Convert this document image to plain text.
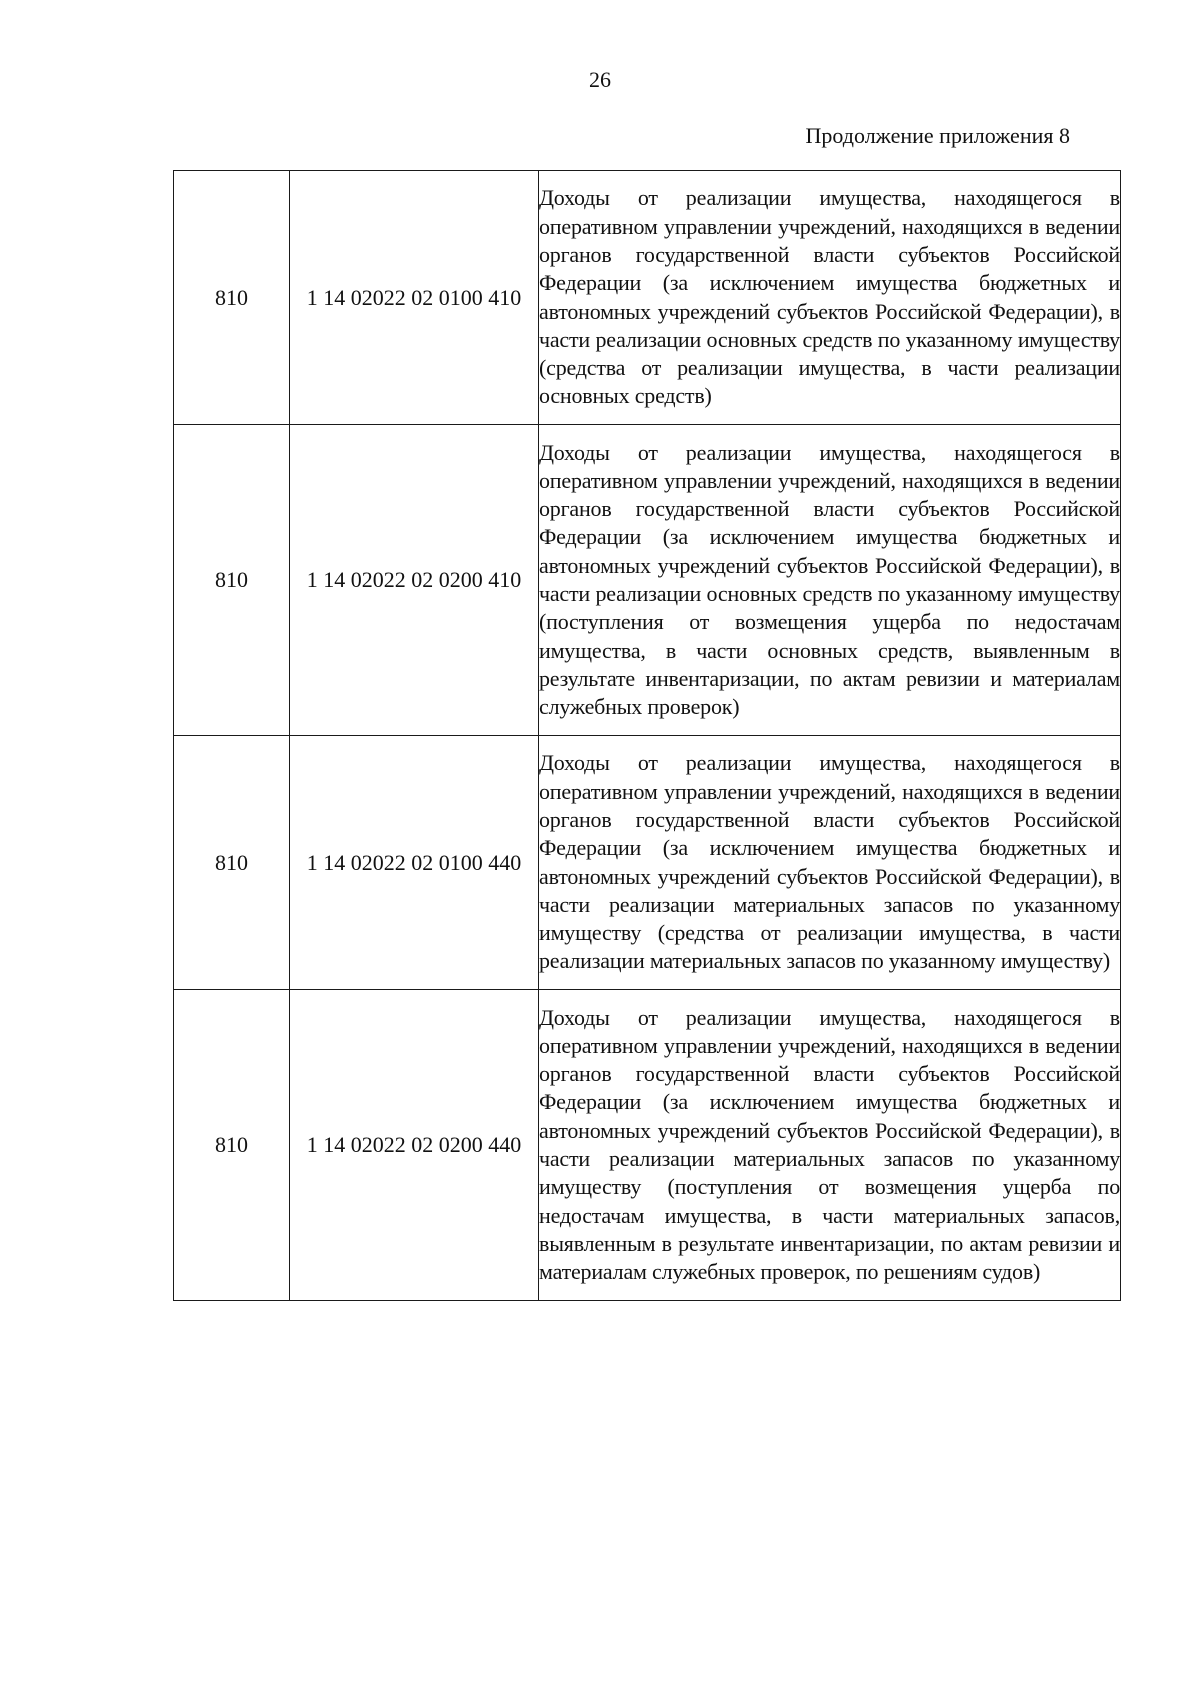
26
Продолжение приложения 8
810	1 14 02022 02 0100 410	Доходы от реализации имущества, находящегося в оперативном управлении учреждений, находящихся в ведении органов государственной власти субъектов Российской Федерации (за исключением имущества бюджетных и автономных учреждений субъектов Российской Федерации), в части реализации основных средств по указанному имуществу (средства от реализации имущества, в части реализации основных средств)
810	1 14 02022 02 0200 410	Доходы от реализации имущества, находящегося в оперативном управлении учреждений, находящихся в ведении органов государственной власти субъектов Российской Федерации (за исключением имущества бюджетных и автономных учреждений субъектов Российской Федерации), в части реализации основных средств по указанному имуществу (поступления от возмещения ущерба по недостачам имущества, в части основных средств, выявленным в результате инвентаризации, по актам ревизии и материалам служебных проверок)
810	1 14 02022 02 0100 440	Доходы от реализации имущества, находящегося в оперативном управлении учреждений, находящихся в ведении органов государственной власти субъектов Российской Федерации (за исключением имущества бюджетных и автономных учреждений субъектов Российской Федерации), в части реализации материальных запасов по указанному имуществу (средства от реализации имущества, в части реализации материальных запасов по указанному имуществу)
810	1 14 02022 02 0200 440	Доходы от реализации имущества, находящегося в оперативном управлении учреждений, находящихся в ведении органов государственной власти субъектов Российской Федерации (за исключением имущества бюджетных и автономных учреждений субъектов Российской Федерации), в части реализации материальных запасов по указанному имуществу (поступления от возмещения ущерба по недостачам имущества, в части материальных запасов, выявленным в результате инвентаризации, по актам ревизии и материалам служебных проверок, по решениям судов)
